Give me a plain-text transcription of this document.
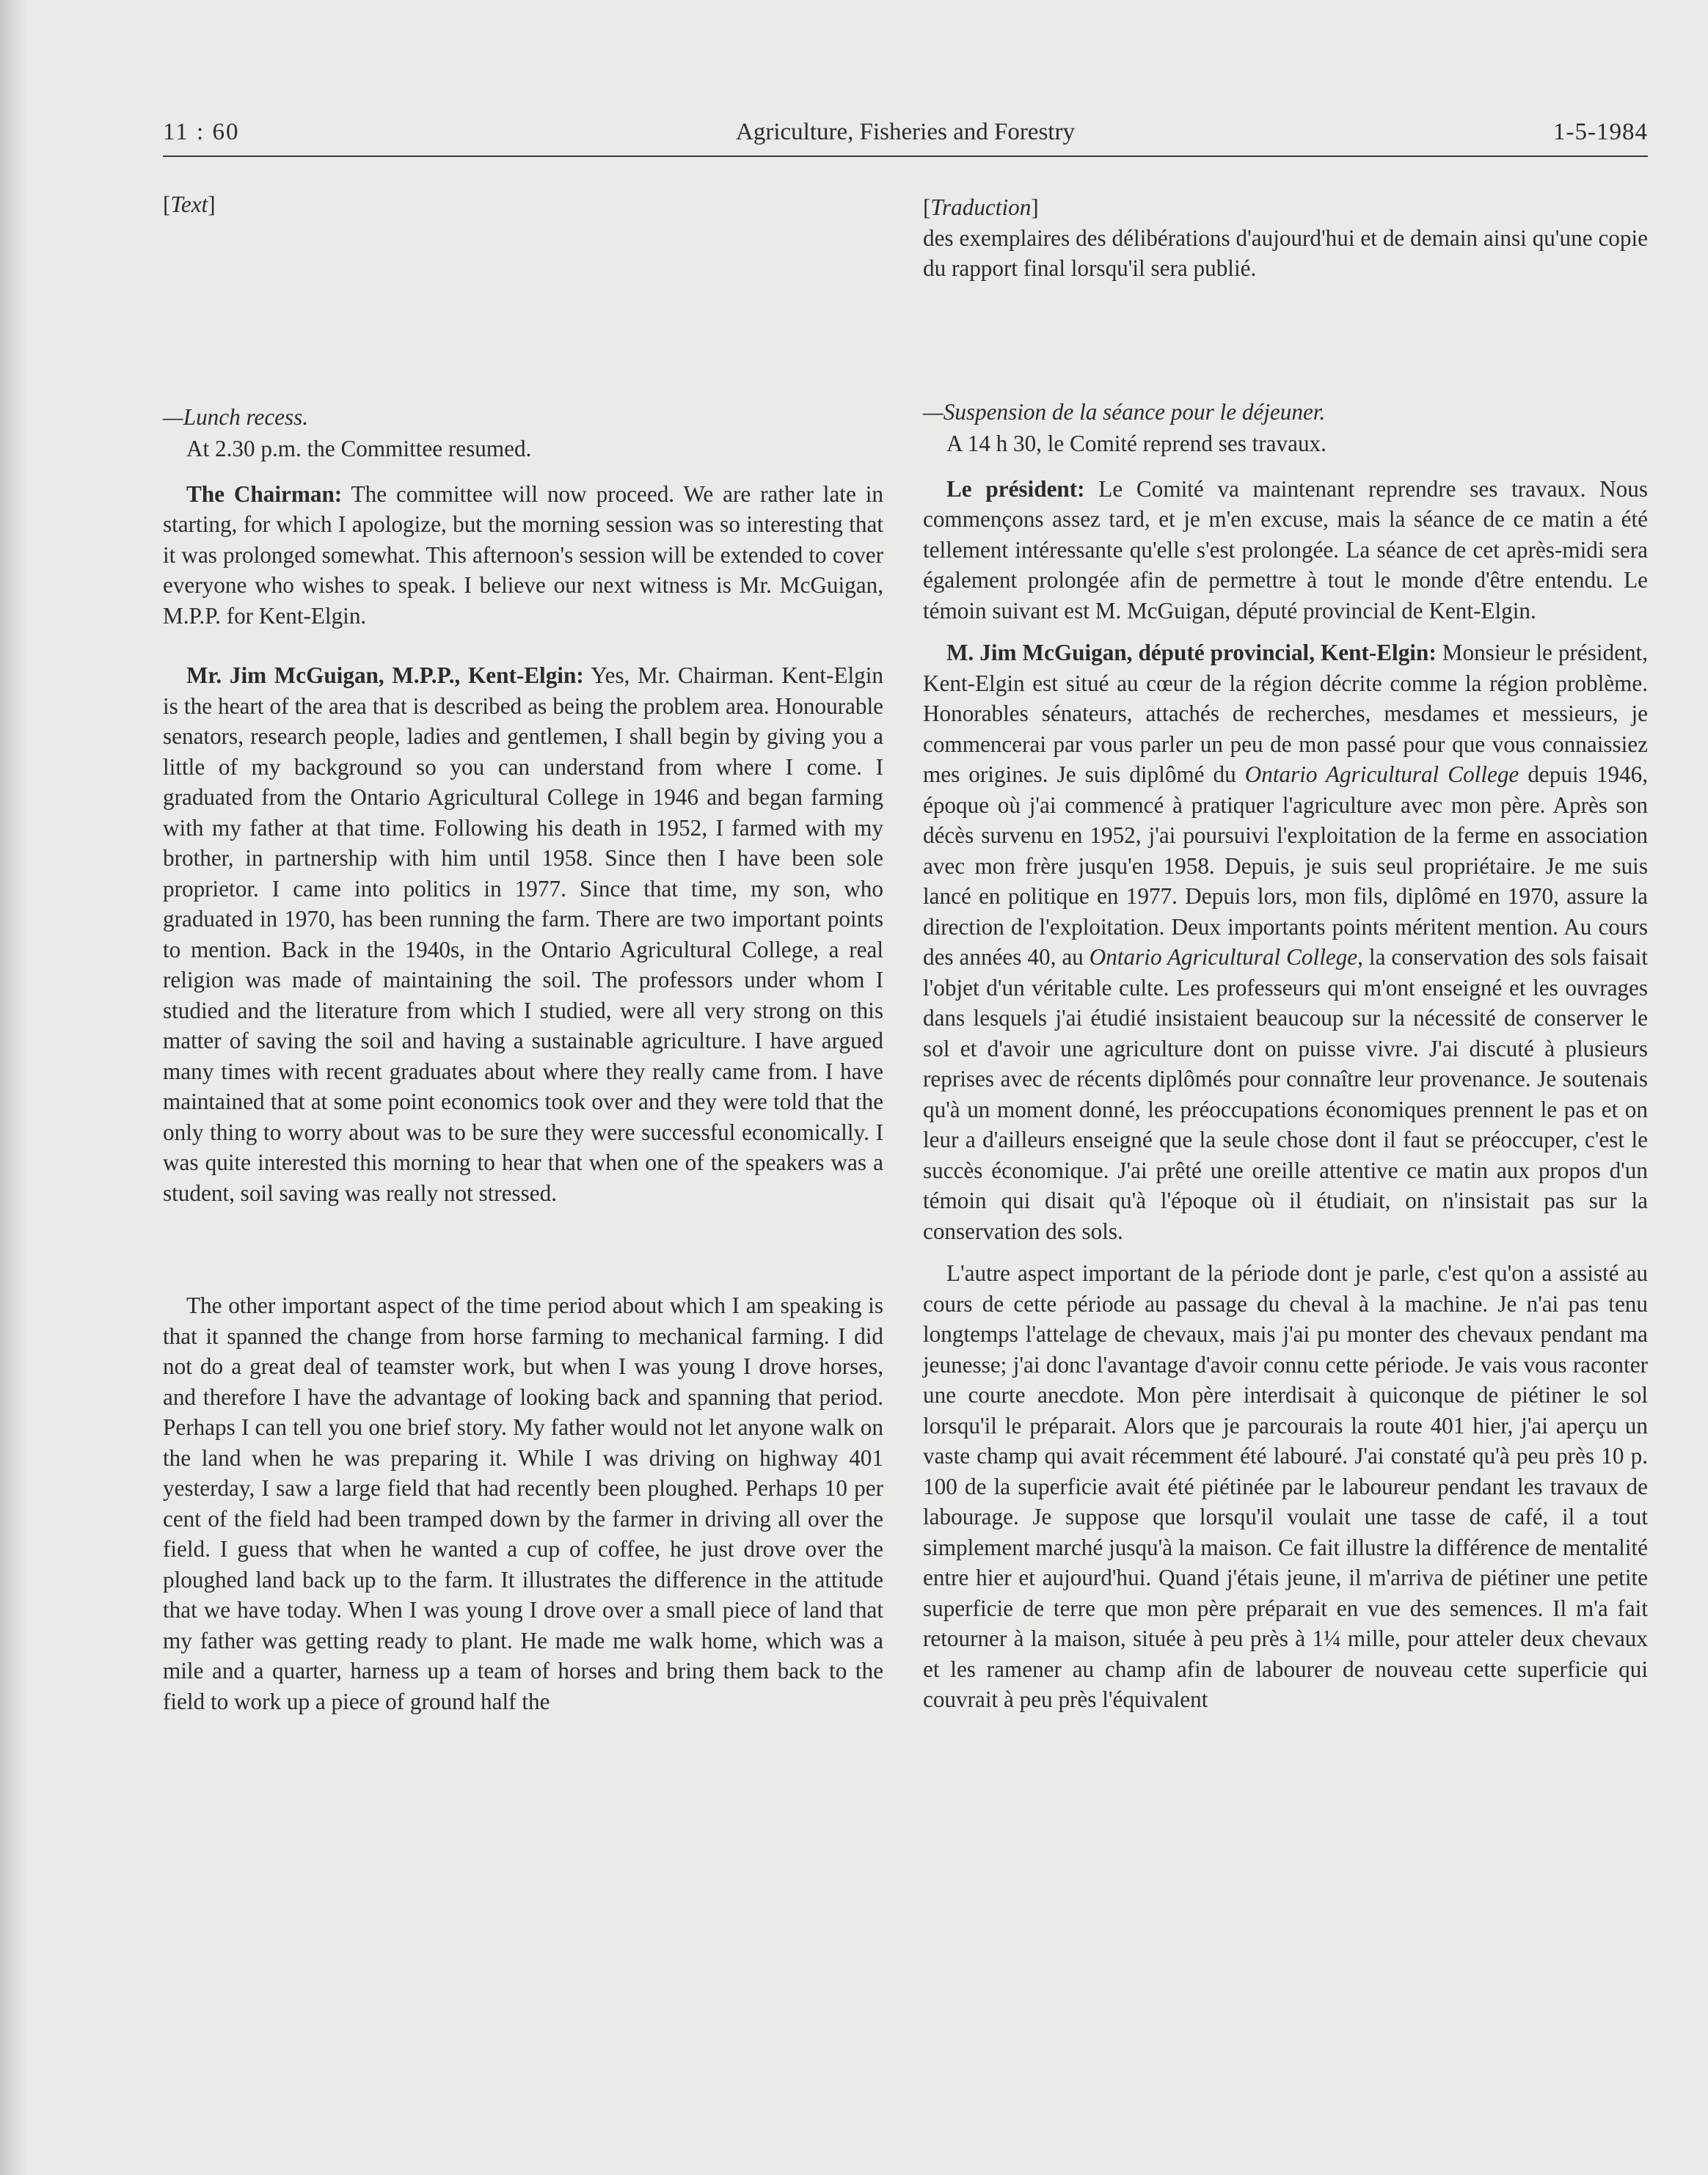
11 : 60	Agriculture, Fisheries and Forestry	1-5-1984

[Text]

—Lunch recess.

At 2.30 p.m. the Committee resumed.

The Chairman: The committee will now proceed. We are rather late in starting, for which I apologize, but the morning session was so interesting that it was prolonged somewhat. This afternoon's session will be extended to cover everyone who wishes to speak. I believe our next witness is Mr. McGuigan, M.P.P. for Kent-Elgin.

Mr. Jim McGuigan, M.P.P., Kent-Elgin: Yes, Mr. Chairman. Kent-Elgin is the heart of the area that is described as being the problem area. Honourable senators, research people, ladies and gentlemen, I shall begin by giving you a little of my background so you can understand from where I come. I graduated from the Ontario Agricultural College in 1946 and began farming with my father at that time. Following his death in 1952, I farmed with my brother, in partnership with him until 1958. Since then I have been sole proprietor. I came into politics in 1977. Since that time, my son, who graduated in 1970, has been running the farm. There are two important points to mention. Back in the 1940s, in the Ontario Agricultural College, a real religion was made of maintaining the soil. The professors under whom I studied and the literature from which I studied, were all very strong on this matter of saving the soil and having a sustainable agriculture. I have argued many times with recent graduates about where they really came from. I have maintained that at some point economics took over and they were told that the only thing to worry about was to be sure they were successful economically. I was quite interested this morning to hear that when one of the speakers was a student, soil saving was really not stressed.

The other important aspect of the time period about which I am speaking is that it spanned the change from horse farming to mechanical farming. I did not do a great deal of teamster work, but when I was young I drove horses, and therefore I have the advantage of looking back and spanning that period. Perhaps I can tell you one brief story. My father would not let anyone walk on the land when he was preparing it. While I was driving on highway 401 yesterday, I saw a large field that had recently been ploughed. Perhaps 10 per cent of the field had been tramped down by the farmer in driving all over the field. I guess that when he wanted a cup of coffee, he just drove over the ploughed land back up to the farm. It illustrates the difference in the attitude that we have today. When I was young I drove over a small piece of land that my father was getting ready to plant. He made me walk home, which was a mile and a quarter, harness up a team of horses and bring them back to the field to work up a piece of ground half the

[Traduction]

des exemplaires des délibérations d'aujourd'hui et de demain ainsi qu'une copie du rapport final lorsqu'il sera publié.

—Suspension de la séance pour le déjeuner.

A 14 h 30, le Comité reprend ses travaux.

Le président: Le Comité va maintenant reprendre ses travaux. Nous commençons assez tard, et je m'en excuse, mais la séance de ce matin a été tellement intéressante qu'elle s'est prolongée. La séance de cet après-midi sera également prolongée afin de permettre à tout le monde d'être entendu. Le témoin suivant est M. McGuigan, député provincial de Kent-Elgin.

M. Jim McGuigan, député provincial, Kent-Elgin: Monsieur le président, Kent-Elgin est situé au cœur de la région décrite comme la région problème. Honorables sénateurs, attachés de recherches, mesdames et messieurs, je commencerai par vous parler un peu de mon passé pour que vous connaissiez mes origines. Je suis diplômé du Ontario Agricultural College depuis 1946, époque où j'ai commencé à pratiquer l'agriculture avec mon père. Après son décès survenu en 1952, j'ai poursuivi l'exploitation de la ferme en association avec mon frère jusqu'en 1958. Depuis, je suis seul propriétaire. Je me suis lancé en politique en 1977. Depuis lors, mon fils, diplômé en 1970, assure la direction de l'exploitation. Deux importants points méritent mention. Au cours des années 40, au Ontario Agricultural College, la conservation des sols faisait l'objet d'un véritable culte. Les professeurs qui m'ont enseigné et les ouvrages dans lesquels j'ai étudié insistaient beaucoup sur la nécessité de conserver le sol et d'avoir une agriculture dont on puisse vivre. J'ai discuté à plusieurs reprises avec de récents diplômés pour connaître leur provenance. Je soutenais qu'à un moment donné, les préoccupations économiques prennent le pas et on leur a d'ailleurs enseigné que la seule chose dont il faut se préoccuper, c'est le succès économique. J'ai prêté une oreille attentive ce matin aux propos d'un témoin qui disait qu'à l'époque où il étudiait, on n'insistait pas sur la conservation des sols.

L'autre aspect important de la période dont je parle, c'est qu'on a assisté au cours de cette période au passage du cheval à la machine. Je n'ai pas tenu longtemps l'attelage de chevaux, mais j'ai pu monter des chevaux pendant ma jeunesse; j'ai donc l'avantage d'avoir connu cette période. Je vais vous raconter une courte anecdote. Mon père interdisait à quiconque de piétiner le sol lorsqu'il le préparait. Alors que je parcourais la route 401 hier, j'ai aperçu un vaste champ qui avait récemment été labouré. J'ai constaté qu'à peu près 10 p. 100 de la superficie avait été piétinée par le laboureur pendant les travaux de labourage. Je suppose que lorsqu'il voulait une tasse de café, il a tout simplement marché jusqu'à la maison. Ce fait illustre la différence de mentalité entre hier et aujourd'hui. Quand j'étais jeune, il m'arriva de piétiner une petite superficie de terre que mon père préparait en vue des semences. Il m'a fait retourner à la maison, située à peu près à 1¼ mille, pour atteler deux chevaux et les ramener au champ afin de labourer de nouveau cette superficie qui couvrait à peu près l'équivalent
